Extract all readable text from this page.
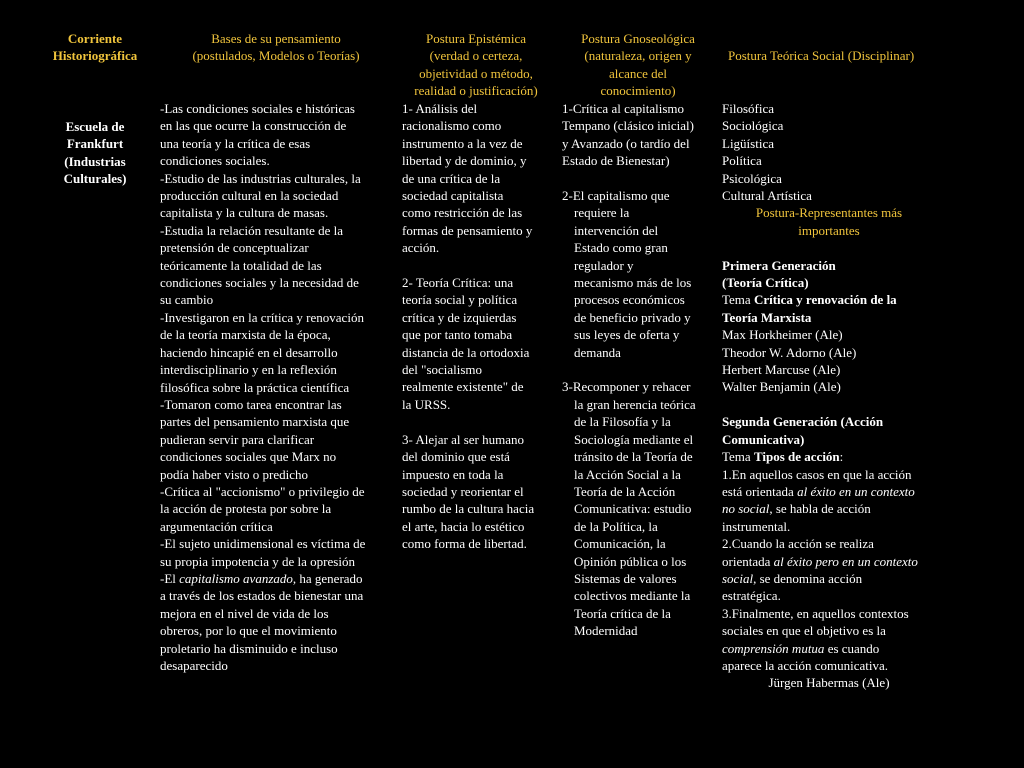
Corriente
Historiográfica
Escuela de
Frankfurt
(Industrias
Culturales)
Bases de su pensamiento
(postulados, Modelos o Teorías)
-Las condiciones sociales e históricas
en las que ocurre la construcción de
una teoría y la crítica de esas
condiciones sociales.
-Estudio de las industrias culturales, la
producción cultural en la sociedad
capitalista y la cultura de masas.
-Estudia la relación resultante de la
pretensión de conceptualizar
teóricamente la totalidad de las
condiciones sociales y la necesidad de
su cambio
-Investigaron en la crítica y renovación
de la teoría marxista de la época,
haciendo hincapié en el desarrollo
interdisciplinario y en la reflexión
filosófica sobre la práctica científica
-Tomaron como tarea encontrar las
partes del pensamiento marxista que
pudieran servir para clarificar
condiciones sociales que Marx no
podía haber visto o predicho
-Crítica al "accionismo" o privilegio de
la acción de protesta por sobre la
argumentación crítica
-El sujeto unidimensional es víctima de
su propia impotencia y de la opresión
-El capitalismo avanzado, ha generado
a través de los estados de bienestar una
mejora en el nivel de vida de los
obreros, por lo que el movimiento
proletario ha disminuido e incluso
desaparecido
Postura Epistémica
(verdad o certeza,
objetividad o método,
realidad o justificación)
1- Análisis del
racionalismo como
instrumento a la vez de
libertad y de dominio, y
de una crítica de la
sociedad capitalista
como restricción de las
formas de pensamiento y
acción.
2- Teoría Crítica: una
teoría social y política
crítica y de izquierdas
que por tanto tomaba
distancia de la ortodoxia
del "socialismo
realmente existente" de
la URSS.
3- Alejar al ser humano
del dominio que está
impuesto en toda la
sociedad y reorientar el
rumbo de la cultura hacia
el arte, hacia lo estético
como forma de libertad.
Postura Gnoseológica
(naturaleza, origen y
alcance del
conocimiento)
1-Crítica al capitalismo
Tempano (clásico inicial)
y Avanzado (o tardío del
Estado de Bienestar)
2-El capitalismo que
requiere la
intervención del
Estado como gran
regulador y
mecanismo más de los
procesos económicos
de beneficio privado y
sus leyes de oferta y
demanda
3-Recomponer y rehacer
la gran herencia teórica
de la Filosofía y la
Sociología mediante el
tránsito de la Teoría de
la Acción Social a la
Teoría de la Acción
Comunicativa: estudio
de la Política, la
Comunicación, la
Opinión pública o los
Sistemas de valores
colectivos mediante la
Teoría crítica de la
Modernidad
Postura Teórica Social (Disciplinar)
Filosófica
Sociológica
Ligüística
Política
Psicológica
Cultural Artística
Postura-Representantes más
importantes
Primera Generación
(Teoría Crítica)
Tema Crítica y renovación de la
Teoría Marxista
Max Horkheimer (Ale)
Theodor W. Adorno (Ale)
Herbert Marcuse (Ale)
Walter Benjamin (Ale)
Segunda Generación (Acción
Comunicativa)
Tema Tipos de acción:
1.En aquellos casos en que la acción
está orientada al éxito en un contexto
no social, se habla de acción
instrumental.
2.Cuando la acción se realiza
orientada al éxito pero en un contexto
social, se denomina acción
estratégica.
3.Finalmente, en aquellos contextos
sociales en que el objetivo es la
comprensión mutua es cuando
aparece la acción comunicativa.
Jürgen Habermas (Ale)
